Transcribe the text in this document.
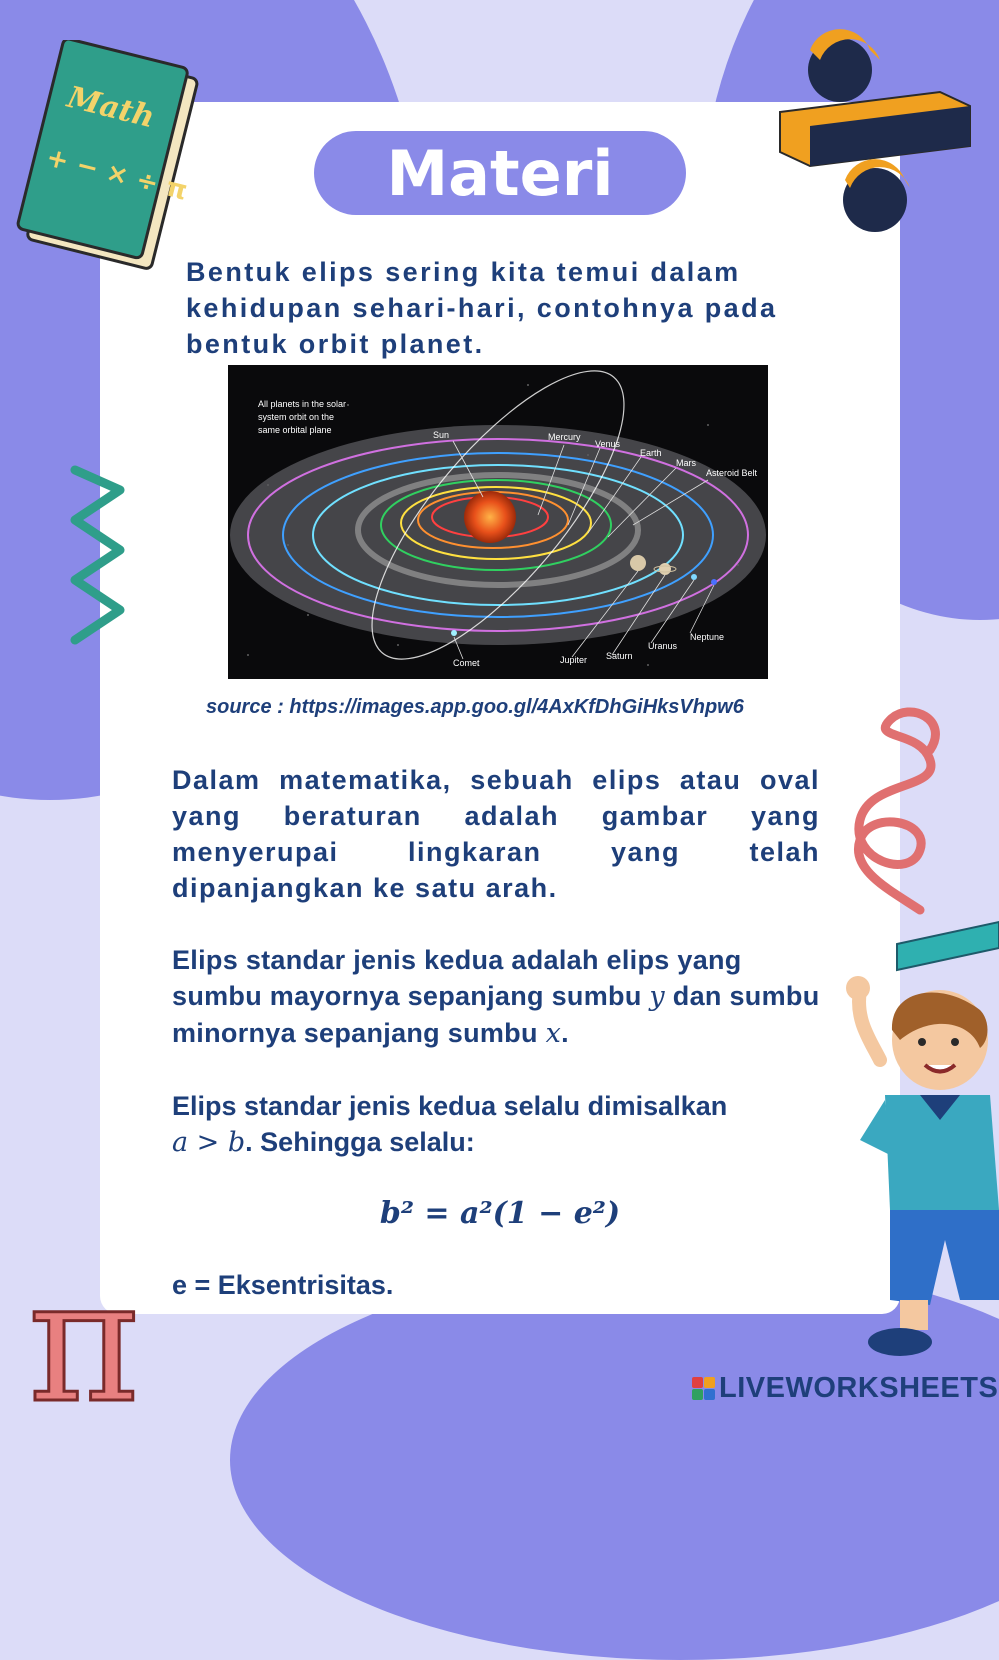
Materi
Bentuk elips sering kita temui dalam kehidupan sehari-hari, contohnya pada bentuk orbit planet.
All planets in the solar
system orbit on the
same orbital plane	Sun	Mercury
Venus
Earth
Mars
Asteroid Belt
Neptune
Uranus
Saturn
Jupiter
Comet
source : https://images.app.goo.gl/4AxKfDhGiHksVhpw6
Dalam matematika, sebuah elips atau oval yang beraturan adalah gambar yang menyerupai lingkaran yang telah dipanjangkan ke satu arah.
Elips standar jenis kedua adalah elips yang sumbu mayornya sepanjang sumbu y dan sumbu minornya sepanjang sumbu x.
Elips standar jenis kedua selalu dimisalkan
a > b. Sehingga selalu:
b² = a²(1 − e²)
e = Eksentrisitas.
Math
+ − × ÷ π
π	LIVEWORKSHEETS
